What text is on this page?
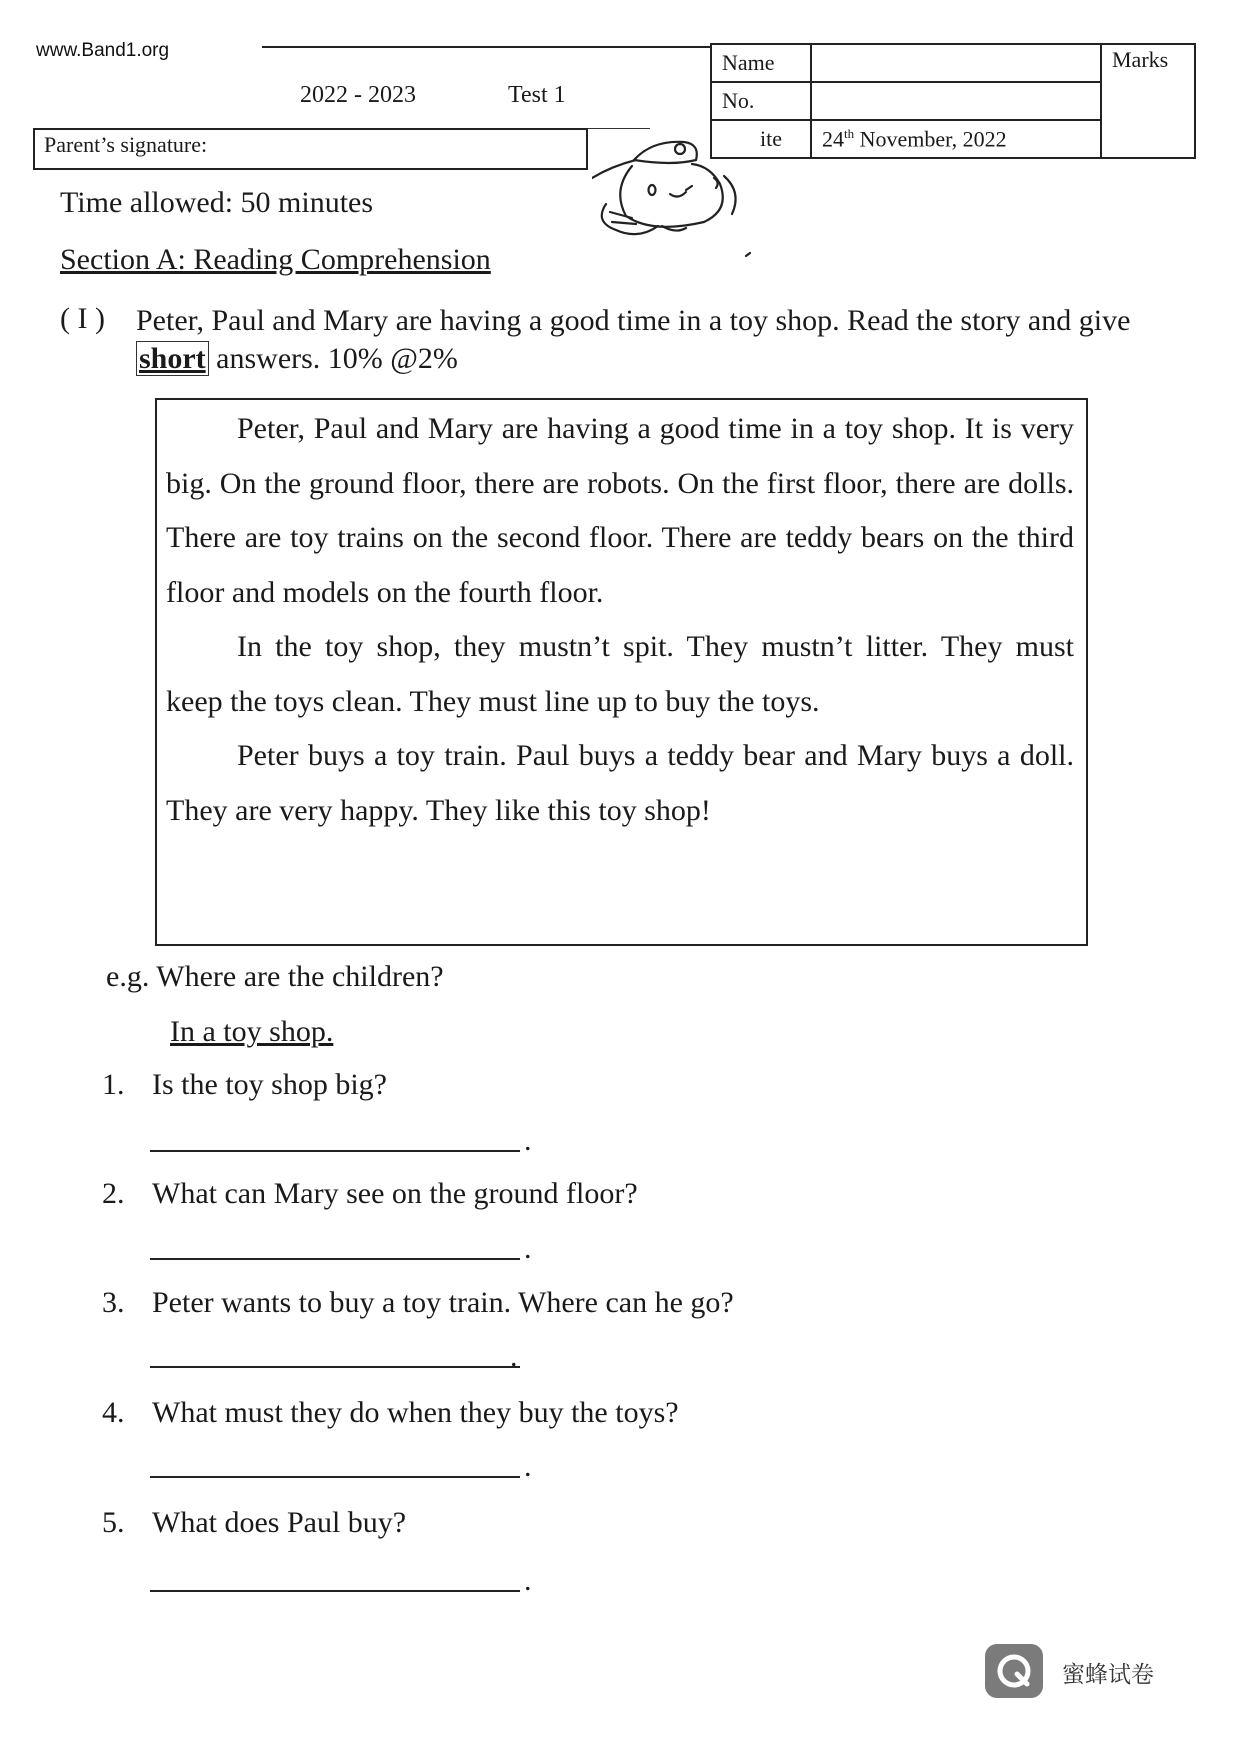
www.Band1.org
2022 - 2023	Test 1
Parent’s signature:
Name		Marks
No.		
ite	24th November, 2022	
Time allowed: 50 minutes
Section A: Reading Comprehension
( I ) Peter, Paul and Mary are having a good time in a toy shop. Read the story and give short answers. 10% @2%

Peter, Paul and Mary are having a good time in a toy shop. It is very big. On the ground floor, there are robots. On the first floor, there are dolls. There are toy trains on the second floor. There are teddy bears on the third floor and models on the fourth floor.

In the toy shop, they mustn’t spit. They mustn’t litter. They must keep the toys clean. They must line up to buy the toys.

Peter buys a toy train. Paul buys a teddy bear and Mary buys a doll. They are very happy. They like this toy shop!

e.g. Where are the children?
In a toy shop.
1. Is the toy shop big?
.
2. What can Mary see on the ground floor?
.
3. Peter wants to buy a toy train. Where can he go?
.
4. What must they do when they buy the toys?
.
5. What does Paul buy?
.
蜜蜂试卷
